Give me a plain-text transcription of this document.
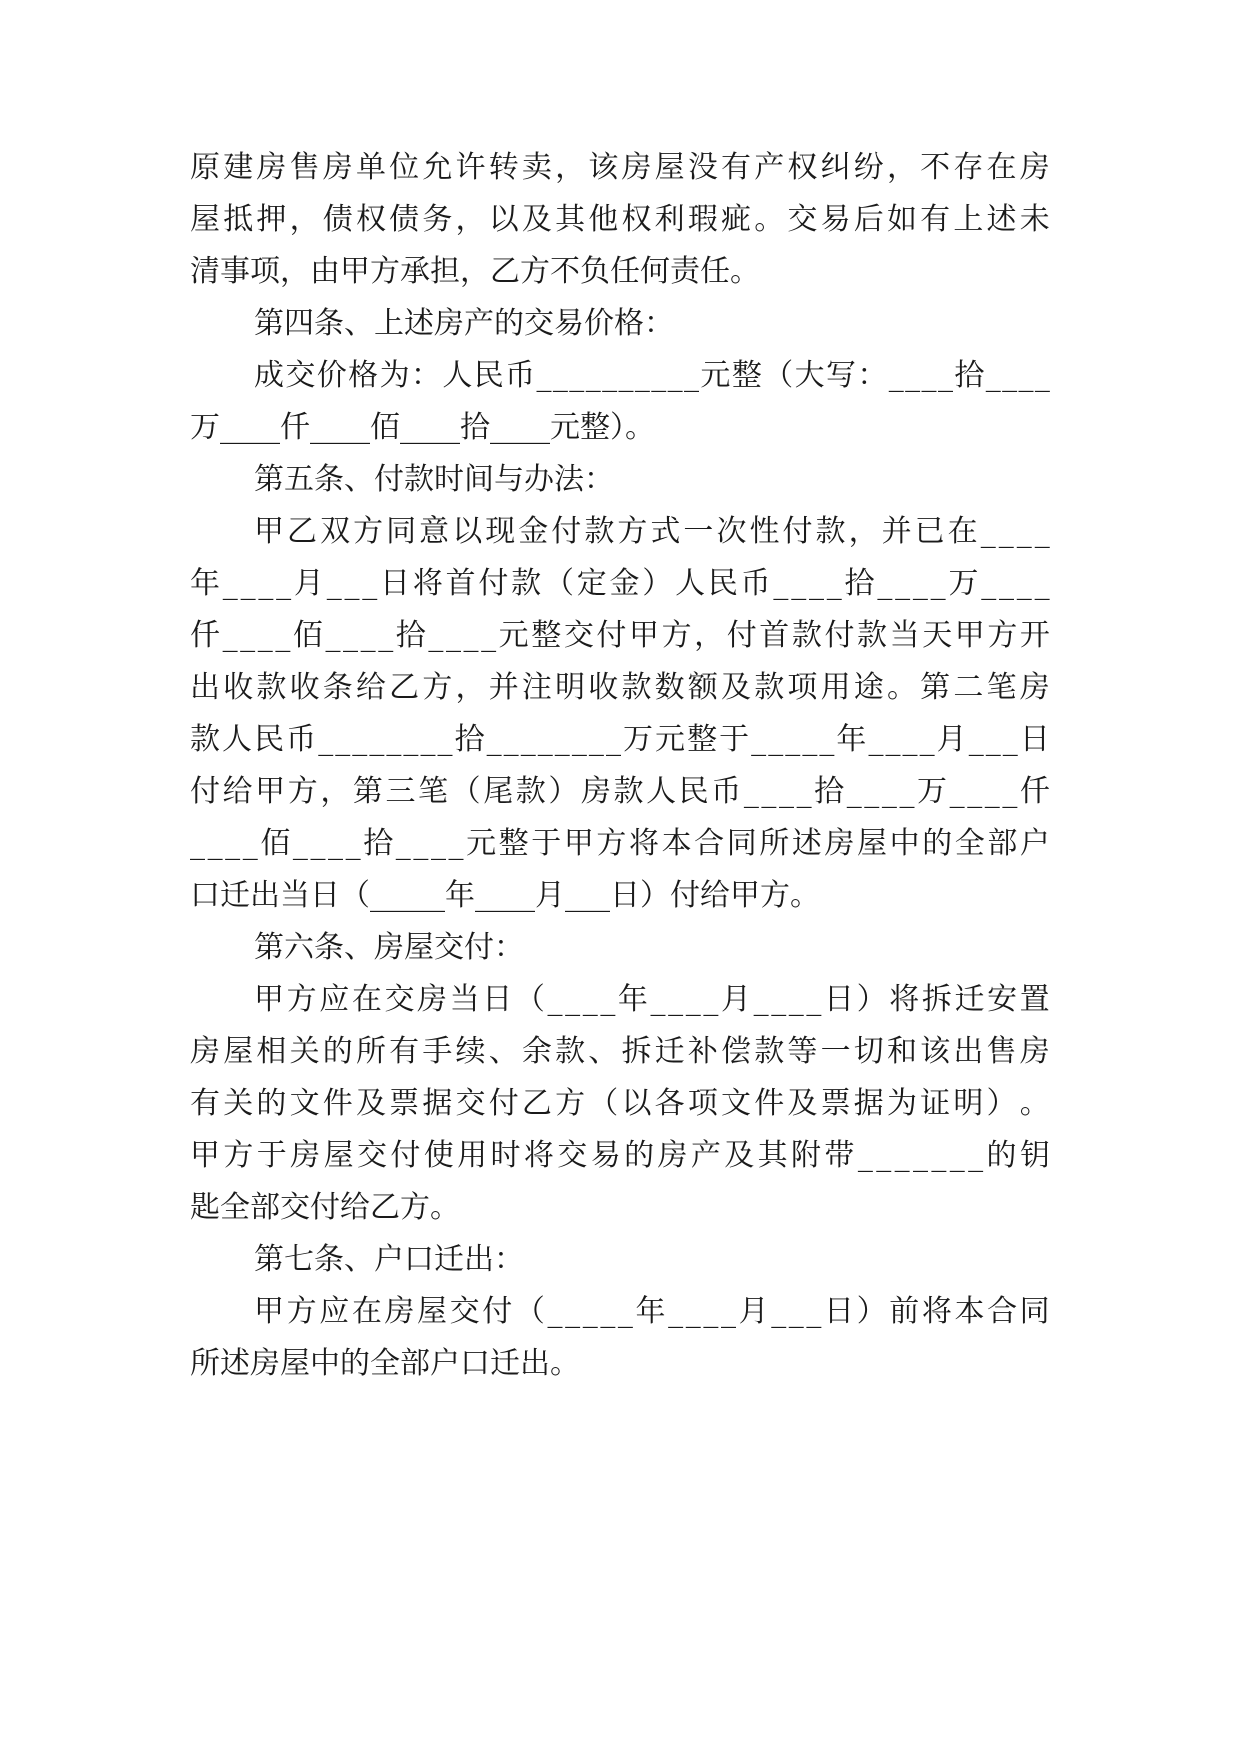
原 建 房 售 房 单 位 允 许 转 卖 ， 该 房 屋 没 有 产 权 纠 纷 ， 不 存 在 房
屋 抵 押 ， 债 权 债 务 ， 以 及 其 他 权 利 瑕 疵 。 交 易 后 如 有 上 述 未
清事项，由甲方承担，乙方不负任何责任。
第四条、上述房产的交易价格：
成 交 价 格 为 ： 人 民 币 _ _ _ _ _ _ _ _ _ _ 元 整 （ 大 写 ： _ _ _ _ 拾 _ _ _ _
万____仟____佰____拾____元整）。
第五条、付款时间与办法：
甲 乙 双 方 同 意 以 现 金 付 款 方 式 一 次 性 付 款 ， 并 已 在 _ _ _ _
年 _ _ _ _ 月 _ _ _ 日 将 首 付 款 （ 定 金 ） 人 民 币 _ _ _ _ 拾 _ _ _ _ 万 _ _ _ _
仟 _ _ _ _ 佰 _ _ _ _ 拾 _ _ _ _ 元 整 交 付 甲 方 ， 付 首 款 付 款 当 天 甲 方 开
出 收 款 收 条 给 乙 方 ， 并 注 明 收 款 数 额 及 款 项 用 途 。 第 二 笔 房
款 人 民 币 _ _ _ _ _ _ _ _ 拾 _ _ _ _ _ _ _ _ 万 元 整 于 _ _ _ _ _ 年 _ _ _ _ 月 _ _ _ 日
付 给 甲 方 ， 第 三 笔 （ 尾 款 ） 房 款 人 民 币 _ _ _ _ 拾 _ _ _ _ 万 _ _ _ _ 仟
_ _ _ _ 佰 _ _ _ _ 拾 _ _ _ _ 元 整 于 甲 方 将 本 合 同 所 述 房 屋 中 的 全 部 户
口迁出当日（_____年____月___日）付给甲方。
第六条、房屋交付：
甲 方 应 在 交 房 当 日 （ _ _ _ _ 年 _ _ _ _ 月 _ _ _ _ 日 ） 将 拆 迁 安 置
房 屋 相 关 的 所 有 手 续 、 余 款 、 拆 迁 补 偿 款 等 一 切 和 该 出 售 房
有 关 的 文 件 及 票 据 交 付 乙 方 （ 以 各 项 文 件 及 票 据 为 证 明 ） 。
甲 方 于 房 屋 交 付 使 用 时 将 交 易 的 房 产 及 其 附 带 _ _ _ _ _ _ _ 的 钥
匙全部交付给乙方。
第七条、户口迁出：
甲 方 应 在 房 屋 交 付 （ _ _ _ _ _ 年 _ _ _ _ 月 _ _ _ 日 ） 前 将 本 合 同
所述房屋中的全部户口迁出。
